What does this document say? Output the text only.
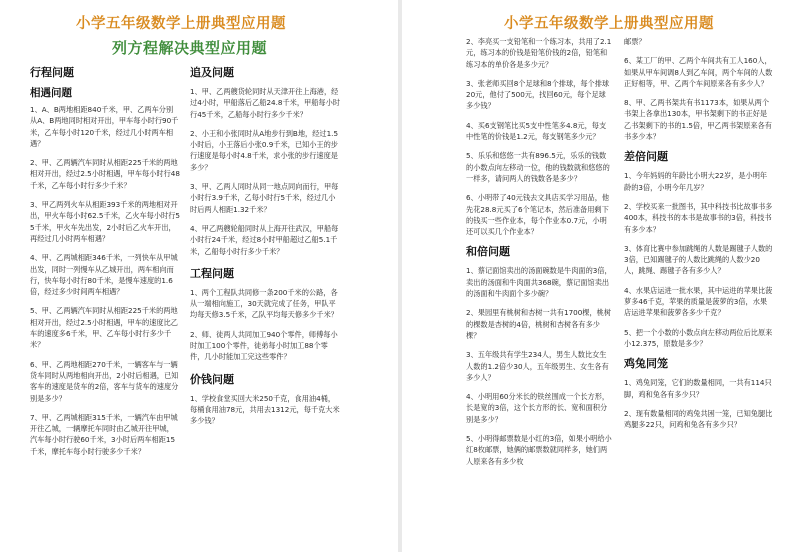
小学五年级数学上册典型应用题
列方程解决典型应用题
行程问题
相遇问题
1、A、B两地相距840千米，甲、乙两车分别从A、B两地同时相对开出，甲车每小时行90千米，乙车每小时120千米，经过几小时两车相遇？
2、甲、乙两辆汽车同时从相距225千米的两地相对开出，经过2.5小时相遇，甲车每小时行48千米，乙车每小时行多少千米？
3、甲乙两列火车从相距393千米的两地相对开出，甲火车每小时62.5千米，乙火车每小时行55千米，甲火车先出发，2小时后乙火车开出，再经过几小时两车相遇？
4、甲、乙两城相距346千米，一列快车从甲城出发，同时一列慢车从乙城开出，两车相向而行，快车每小时行80千米，是慢车速度的1.6倍，经过多少时间两车相遇？
5、甲、乙两辆汽车同时从相距225千米的两地相对开出，经过2.5小时相遇，甲车的速度比乙车的速度多6千米，甲、乙车每小时行多少千米？
6、甲、乙两地相距270千米，一辆客车与一辆货车同时从两地相向开出，2小时后相遇，已知客车的速度是货车的2倍，客车与货车的速度分别是多少？
7、甲、乙两城相距315千米，一辆汽车由甲城开往乙城，一辆摩托车同时由乙城开往甲城，汽车每小时行驶60千米，3小时后两车相距15千米，摩托车每小时行驶多少千米？
追及问题
1、甲、乙两艘货轮同时从天津开往上海港，经过4小时，甲船落后乙船24.8千米，甲船每小时行45千米，乙船每小时行多少千米？
2、小王和小张同时从A地步行到B地，经过1.5小时后，小王落后小张0.9千米，已知小王的步行速度是每小时4.8千米，求小张的步行速度是多少？
3、甲、乙两人同时从同一地点同向而行，甲每小时行3.9千米，乙每小时行5千米，经过几小时后两人相距1.32千米？
4、甲乙两艘轮船同时从上海开往武汉，甲船每小时行24千米，经过8小时甲船超过乙船5.1千米，乙船每小时行多少千米？
工程问题
1、两个工程队共同修一条200千米的公路，各从一端相向施工，30天就完成了任务，甲队平均每天修3.5千米，乙队平均每天修多少千米？
2、师、徒两人共同加工940个零件，师傅每小时加工100个零件，徒弟每小时加工88个零件，几小时能加工完这些零件？
价钱问题
1、学校食堂买回大米250千克，食用油4桶，每桶食用油78元，共用去1312元，每千克大米多少钱？
小学五年级数学上册典型应用题
2、李亮买一支铅笔和一个练习本，共用了2.1元，练习本的价钱是铅笔价钱的2倍，铅笔和练习本的单价各是多少元？
3、张老师买回8个足球和8个排球，每个排球20元，他付了500元，找回60元，每个足球多少钱？
4、买6支钢笔比买5支中性笔多4.8元，每支中性笔的价钱是1.2元，每支钢笔多少元？
5、乐乐和悠悠一共有896.5元，乐乐的钱数的小数点向左移动一位，他的钱数就和悠悠的一样多，请问两人的钱数各是多少？
6、小明带了40元钱去文具店买学习用品，他先花28.8元买了6个笔记本，然后准备用剩下的钱买一些作业本，每个作业本0.7元，小明还可以买几个作业本？
和倍问题
1、蔡记面馆卖出的汤面碗数是牛肉面的3倍，卖出的汤面和牛肉面共368碗，蔡记面馆卖出的汤面和牛肉面个多少碗？
2、果园里有桃树和杏树一共有1700棵，桃树的棵数是杏树的4倍，桃树和杏树各有多少棵？
3、五年级共有学生234人，男生人数比女生人数的1.2倍少30人，五年级男生、女生各有多少人？
4、小明用60分米长的铁丝围成一个长方形，长是宽的3倍，这个长方形的长、宽和面积分别是多少？
5、小明得邮票数是小红的3倍，如果小明给小红8枚邮票，她俩的邮票数就同样多，她们两人原来各有多少枚
邮票？
6、某工厂的甲、乙两个车间共有工人160人，如果从甲车间调8人到乙车间，两个车间的人数正好相等，甲、乙两个车间原来各有多少人？
8、甲、乙两书架共有书1173本，如果从两个书架上各拿出130本，甲书架剩下的书正好是乙书架剩下的书的1.5倍，甲乙两书架原来各有书多少本？
差倍问题
1、今年妈妈的年龄比小明大22岁，是小明年龄的3倍，小明今年几岁？
2、学校买来一批图书，其中科技书比故事书多400本，科技书的本书是故事书的3倍，科技书有多少本？
3、体育比赛中参加跳绳的人数是踢毽子人数的3倍，已知踢毽子的人数比跳绳的人数少20人，跳绳、踢毽子各有多少人？
4、水果店运进一批水果，其中运进的苹果比菠萝多46千克，苹果的质量是菠萝的3倍，水果店运进苹果和菠萝各多少千克？
5、把一个小数的小数点向左移动两位后比原来小12.375，原数是多少？
鸡兔同笼
1、鸡兔同笼，它们的数量相同，一共有114只脚，鸡和兔各有多少只？
2、现有数量相同的鸡兔共困一笼，已知兔腿比鸡腿多22只，问鸡和兔各有多少只？
